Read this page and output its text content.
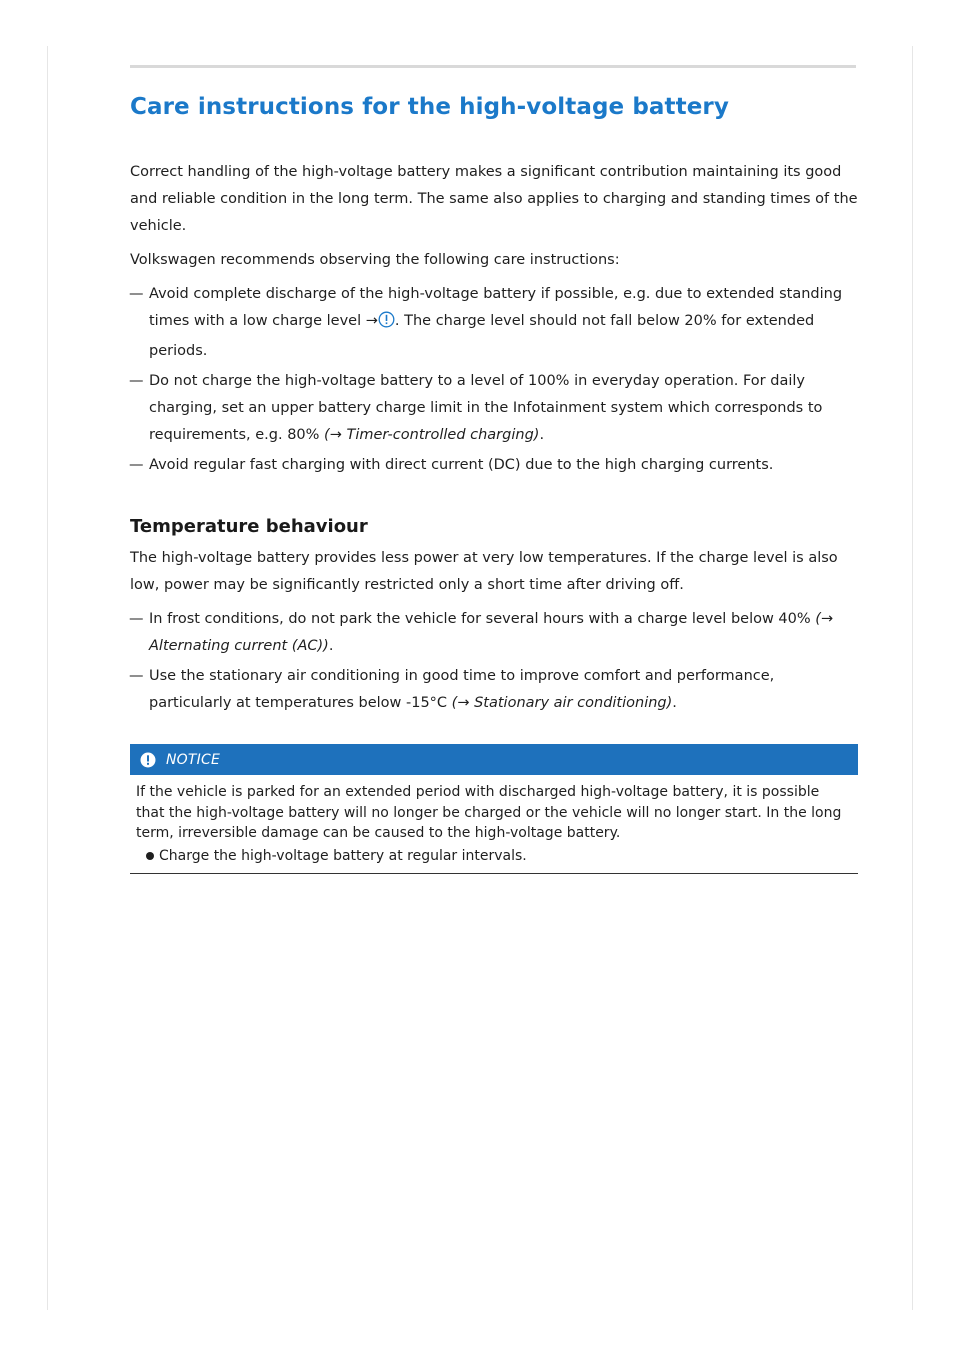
Care instructions for the high-voltage battery

Correct handling of the high-voltage battery makes a significant contribution maintaining its good and reliable condition in the long term. The same also applies to charging and standing times of the vehicle.

Volkswagen recommends observing the following care instructions:

— Avoid complete discharge of the high-voltage battery if possible, e.g. due to extended standing times with a low charge level → . The charge level should not fall below 20% for extended periods.
— Do not charge the high-voltage battery to a level of 100% in everyday operation. For daily charging, set an upper battery charge limit in the Infotainment system which corresponds to requirements, e.g. 80% (→ Timer-controlled charging).
— Avoid regular fast charging with direct current (DC) due to the high charging currents.
Temperature behaviour

The high-voltage battery provides less power at very low temperatures. If the charge level is also low, power may be significantly restricted only a short time after driving off.

— In frost conditions, do not park the vehicle for several hours with a charge level below 40% (→ Alternating current (AC)).
— Use the stationary air conditioning in good time to improve comfort and performance, particularly at temperatures below -15°C (→ Stationary air conditioning).
NOTICE

If the vehicle is parked for an extended period with discharged high-voltage battery, it is possible that the high-voltage battery will no longer be charged or the vehicle will no longer start. In the long term, irreversible damage can be caused to the high-voltage battery.

Charge the high-voltage battery at regular intervals.
